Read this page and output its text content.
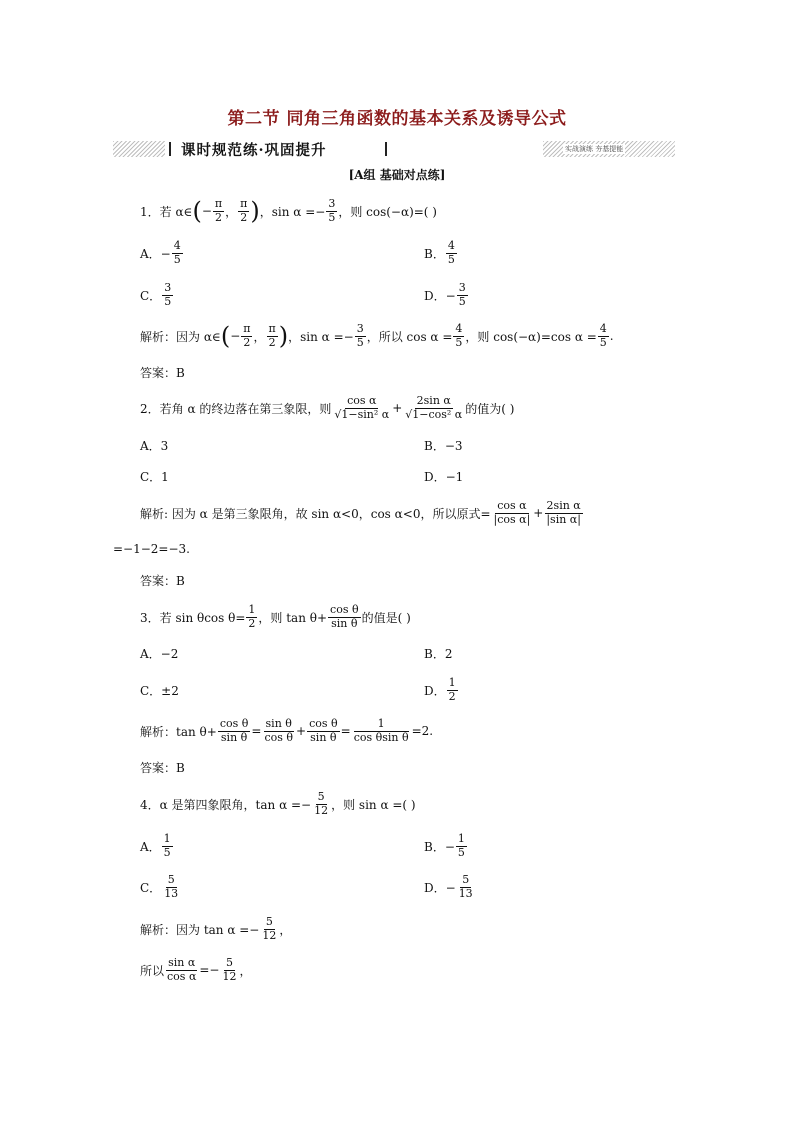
第二节 同角三角函数的基本关系及诱导公式
课时规范练·巩固提升	实战演练 夯基提能
[A组 基础对点练]
1．若 α∈ ( − $\frac{\pi}{2}$ ， $\frac{\pi}{2}$ ) ，$\sin \alpha =- \frac{3}{5}$ ，则 cos(−α)=( )
A．− $\frac{4}{5}$	B． $\frac{4}{5}$
C． $\frac{3}{5}$	D．− $\frac{3}{5}$
解析：因为 α∈ ( − $\frac{\pi}{2}$ ， $\frac{\pi}{2}$ ) ，$\sin \alpha =- \frac{3}{5}$ ，所以 $\cos \alpha = \frac{4}{5}$ ，则 cos(−α)=cos $\alpha = \frac{4}{5}$ .
答案：B
2．若角 α 的终边落在第三象限，则 $\frac{\text{cos α}}{\text{√1−sin² α}} + \frac{\text{2sin α}}{\text{√1−cos² α}}$ 的值为( )
A．3	B．−3
C．1	D．−1
解析: 因为 α 是第三象限角，故 sin α<0，cos α<0，所以原式= $\frac{\text{cos α}}{\text{|cos α|}} + \frac{\text{2sin α}}{\text{|sin α|}}$
=−1−2=−3.
答案：B
3．若 sin θcos $\theta= \frac{1}{2}$ ，则 $\tan \theta+ \frac{\text{cos θ}}{\text{sin θ}}$ 的值是( )
A．−2	B．2
C．±2	D． $\frac{1}{2}$
解析：$\tan \theta+ \frac{\text{cos θ}}{\text{sin θ}} = \frac{\text{sin θ}}{\text{cos θ}} + \frac{\text{cos θ}}{\text{sin θ}} = \frac{1}{\text{cos θsin θ}} =2$.
答案：B
4．α 是第四象限角，$\tan \alpha =- \frac{5}{12}$ ，则 sin α =( )
A． $\frac{1}{5}$	B．− $\frac{1}{5}$
C． $\frac{5}{13}$	D．− $\frac{5}{13}$
解析：因为 $\tan \alpha =- \frac{5}{12}$ ，
所以 $\frac{\text{sin α}}{\text{cos α}} =- \frac{5}{12}$ ，
